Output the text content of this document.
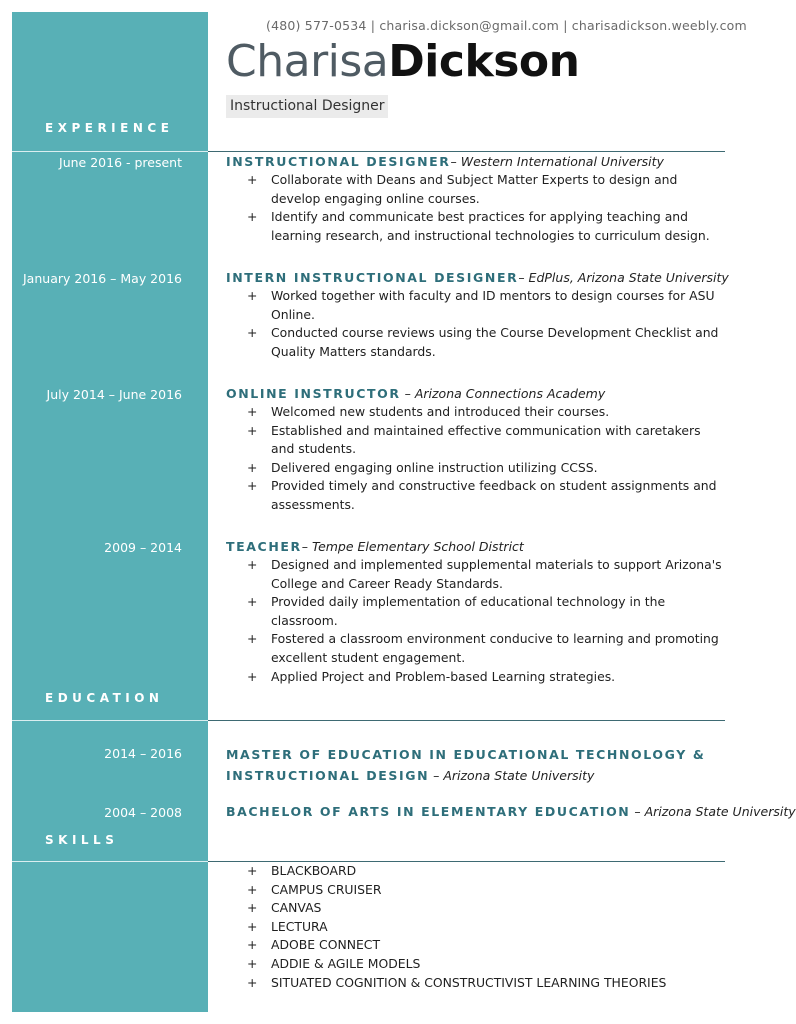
(480) 577-0534 | charisa.dickson@gmail.com | charisadickson.weebly.com
CharisaDickson
Instructional Designer
EXPERIENCE
June 2016 - present	INSTRUCTIONAL DESIGNER– Western International University
+ Collaborate with Deans and Subject Matter Experts to design and develop engaging online courses.
+ Identify and communicate best practices for applying teaching and learning research, and instructional technologies to curriculum design.
January 2016 – May 2016	INTERN INSTRUCTIONAL DESIGNER– EdPlus, Arizona State University
+ Worked together with faculty and ID mentors to design courses for ASU Online.
+ Conducted course reviews using the Course Development Checklist and Quality Matters standards.
July 2014 – June 2016	ONLINE INSTRUCTOR – Arizona Connections Academy
+ Welcomed new students and introduced their courses.
+ Established and maintained effective communication with caretakers and students.
+ Delivered engaging online instruction utilizing CCSS.
+ Provided timely and constructive feedback on student assignments and assessments.
2009 – 2014	TEACHER– Tempe Elementary School District
+ Designed and implemented supplemental materials to support Arizona's College and Career Ready Standards.
+ Provided daily implementation of educational technology in the classroom.
+ Fostered a classroom environment conducive to learning and promoting excellent student engagement.
+ Applied Project and Problem-based Learning strategies.
EDUCATION
2014 – 2016	MASTER OF EDUCATION IN EDUCATIONAL TECHNOLOGY &
INSTRUCTIONAL DESIGN – Arizona State University
2004 – 2008	BACHELOR OF ARTS IN ELEMENTARY EDUCATION – Arizona State University
SKILLS
+ BLACKBOARD
+ CAMPUS CRUISER
+ CANVAS
+ LECTURA
+ ADOBE CONNECT
+ ADDIE & AGILE MODELS
+ SITUATED COGNITION & CONSTRUCTIVIST LEARNING THEORIES
